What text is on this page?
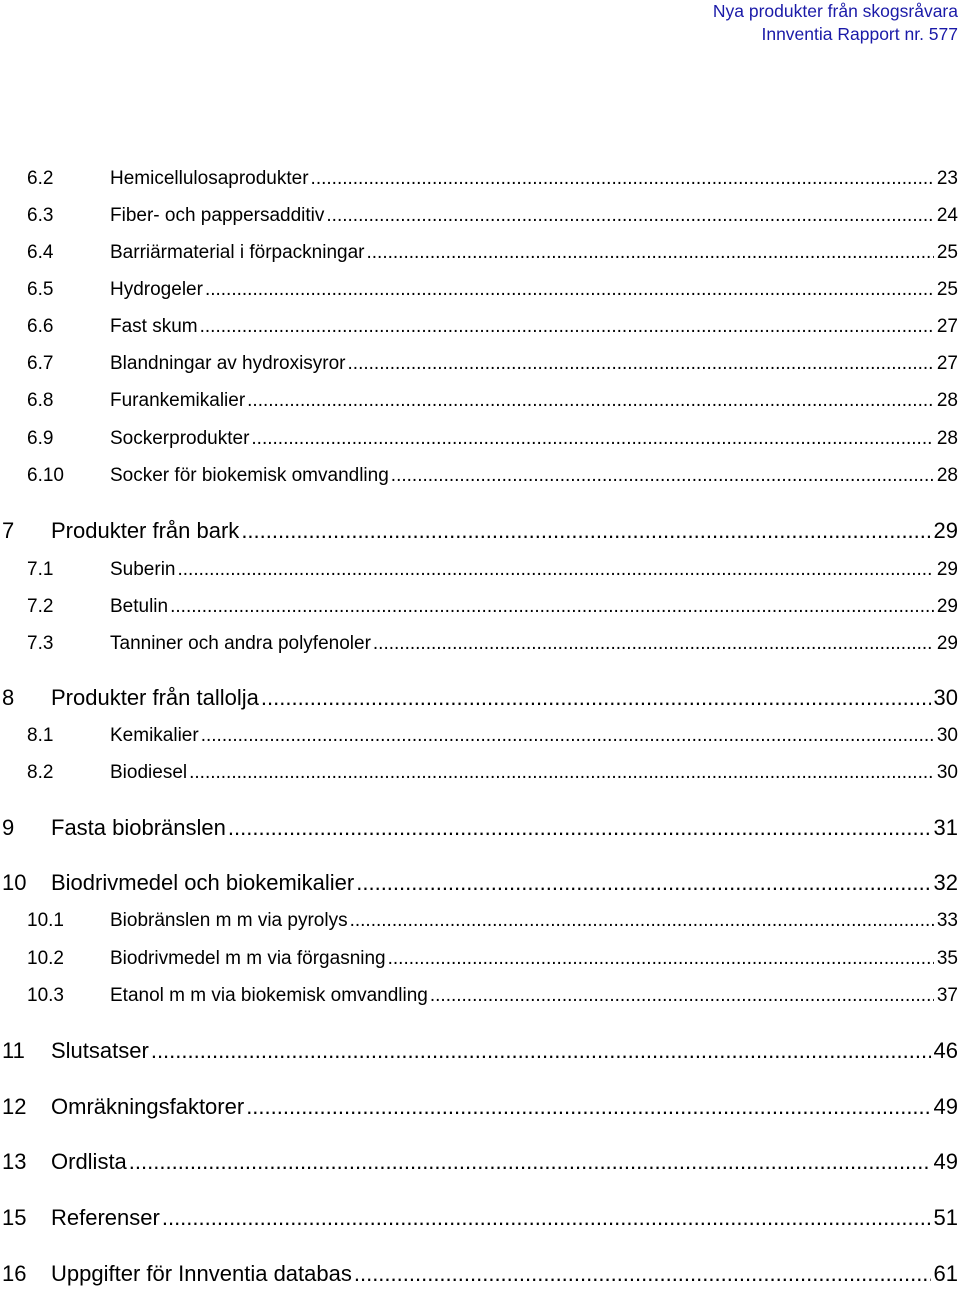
Nya produkter från skogsråvara
Innventia Rapport nr. 577
6.2	Hemicellulosaprodukter .....	23
6.3	Fiber- och pappersadditiv .....	24
6.4	Barriärmaterial i förpackningar .....	25
6.5	Hydrogeler .....	25
6.6	Fast skum .....	27
6.7	Blandningar av hydroxisyror .....	27
6.8	Furankemikalier .....	28
6.9	Sockerprodukter .....	28
6.10	Socker för biokemisk omvandling .....	28
7	Produkter från bark .....	29
7.1	Suberin .....	29
7.2	Betulin .....	29
7.3	Tanniner och andra polyfenoler .....	29
8	Produkter från tallolja .....	30
8.1	Kemikalier .....	30
8.2	Biodiesel .....	30
9	Fasta biobränslen .....	31
10	Biodrivmedel och biokemikalier .....	32
10.1	Biobränslen m m via pyrolys .....	33
10.2	Biodrivmedel m m via förgasning .....	35
10.3	Etanol m m via biokemisk omvandling .....	37
11	Slutsatser .....	46
12	Omräkningsfaktorer .....	49
13	Ordlista .....	49
15	Referenser .....	51
16	Uppgifter för Innventia databas .....	61
